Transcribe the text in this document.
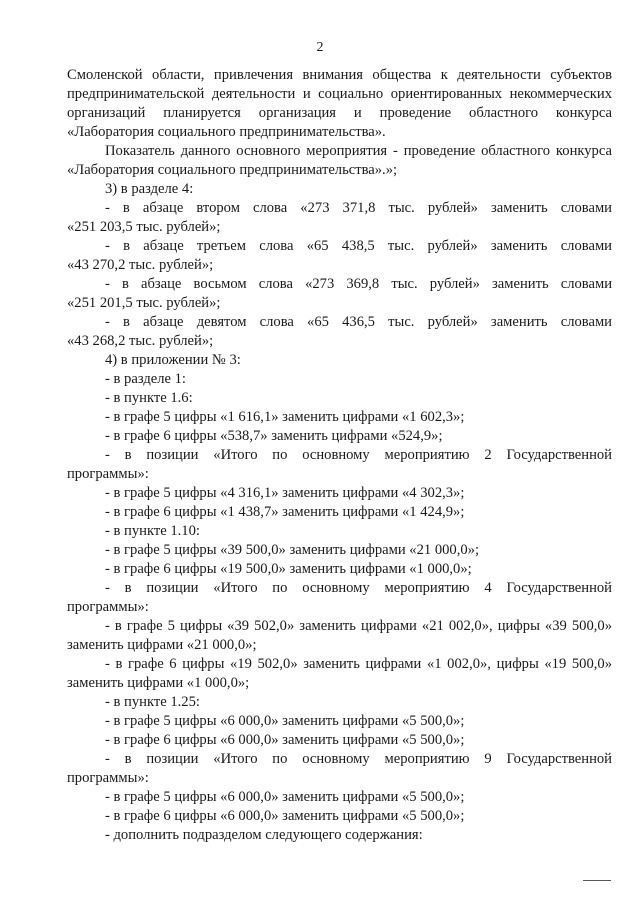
2
Смоленской области, привлечения внимания общества к деятельности субъектов
предпринимательской деятельности и социально ориентированных некоммерческих
организаций планируется организация и проведение областного конкурса
«Лаборатория социального предпринимательства».
Показатель данного основного мероприятия - проведение областного конкурса
«Лаборатория социального предпринимательства».»;
3) в разделе 4:
- в абзаце втором слова «273 371,8 тыс. рублей» заменить словами
«251 203,5 тыс. рублей»;
- в абзаце третьем слова «65 438,5 тыс. рублей» заменить словами
«43 270,2 тыс. рублей»;
- в абзаце восьмом слова «273 369,8 тыс. рублей» заменить словами
«251 201,5 тыс. рублей»;
- в абзаце девятом слова «65 436,5 тыс. рублей» заменить словами
«43 268,2 тыс. рублей»;
4) в приложении № 3:
- в разделе 1:
- в пункте 1.6:
- в графе 5 цифры «1 616,1» заменить цифрами «1 602,3»;
- в графе 6 цифры «538,7» заменить цифрами «524,9»;
- в позиции «Итого по основному мероприятию 2 Государственной
программы»:
- в графе 5 цифры «4 316,1» заменить цифрами «4 302,3»;
- в графе 6 цифры «1 438,7» заменить цифрами «1 424,9»;
- в пункте 1.10:
- в графе 5 цифры «39 500,0» заменить цифрами «21 000,0»;
- в графе 6 цифры «19 500,0» заменить цифрами «1 000,0»;
- в позиции «Итого по основному мероприятию 4 Государственной
программы»:
- в графе 5 цифры «39 502,0» заменить цифрами «21 002,0», цифры «39 500,0»
заменить цифрами «21 000,0»;
- в графе 6 цифры «19 502,0» заменить цифрами «1 002,0», цифры «19 500,0»
заменить цифрами «1 000,0»;
- в пункте 1.25:
- в графе 5 цифры «6 000,0» заменить цифрами «5 500,0»;
- в графе 6 цифры «6 000,0» заменить цифрами «5 500,0»;
- в позиции «Итого по основному мероприятию 9 Государственной
программы»:
- в графе 5 цифры «6 000,0» заменить цифрами «5 500,0»;
- в графе 6 цифры «6 000,0» заменить цифрами «5 500,0»;
- дополнить подразделом следующего содержания:
